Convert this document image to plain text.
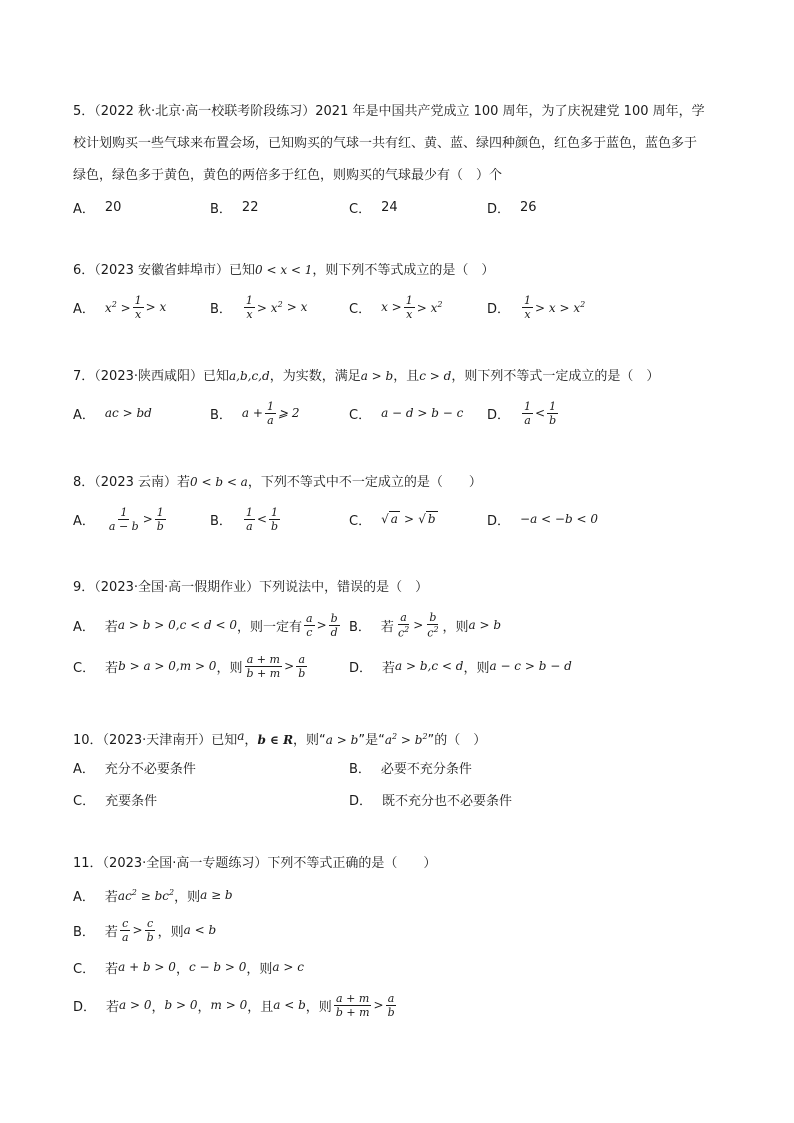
5．（2022 秋·北京·高一校联考阶段练习）2021 年是中国共产党成立 100 周年，为了庆祝建党 100 周年，学
校计划购买一些气球来布置会场，已知购买的气球一共有红、黄、蓝、绿四种颜色，红色多于蓝色，蓝色多于
绿色，绿色多于黄色，黄色的两倍多于红色，则购买的气球最少有（　）个
A． 20	B． 22	C． 24	D． 26
6．（2023 安徽省蚌埠市）已知0 < x < 1，则下列不等式成立的是（　）
A． $x^2 > \frac{1}{x} > x$	B． $\frac{1}{x} > x^2$
> x	C． $x > \frac{1}{x} > x^2$	D． $\frac{1}{x} > x > x^2$
7．（2023·陕西咸阳）已知a,b,c,d，为实数，满足a > b，且c > d，则下列不等式一定成立的是（　）
A． ac > bd	B． $a + \frac{1}{a}$ ⩾ 2	C． a − d > b − c D． $\frac{1}{a} < \frac{1}{b}$
8．（2023 云南）若0 < b < a，下列不等式中不一定成立的是（　　）
A． $\frac{1}{a - b} > \frac{1}{b}$	B． $\frac{1}{a} < \frac{1}{b}$	C． √ a
>
√ b	D． −a < −b < 0
9．（2023·全国·高一假期作业）下列说法中，错误的是（　）
A． 若 a > b > 0,c < d < 0 ，则一定有 $\frac{a}{c} > \frac{b}{d}$ B． 若 $\frac{a}{c^2} > \frac{b}{c^2}$ ，则 a > b
C． 若 b > a > 0,m > 0 ，则 $\frac{a + m}{b + m} > \frac{a}{b}$	D． 若 a > b,c < d ，则 a − c > b − d
10．（2023·天津南开）已知a，b ∈ R，则“a > b”是“$a^2 > b^2$”的（　）
A． 充分不必要条件	B． 必要不充分条件
C． 充要条件	D． 既不充分也不必要条件
11．（2023·全国·高一专题练习）下列不等式正确的是（　　）
A． 若 $ac^2 \ge bc^2$ ，则 a ≥ b
B． 若 $\frac{c}{a} > \frac{c}{b}$ ，则 a < b
C． 若 a + b > 0 ， c − b > 0 ，则 a > c
D． 若 a > 0 ， b > 0 ， m > 0 ，且 a < b ，则 $\frac{a + m}{b + m} > \frac{a}{b}$
